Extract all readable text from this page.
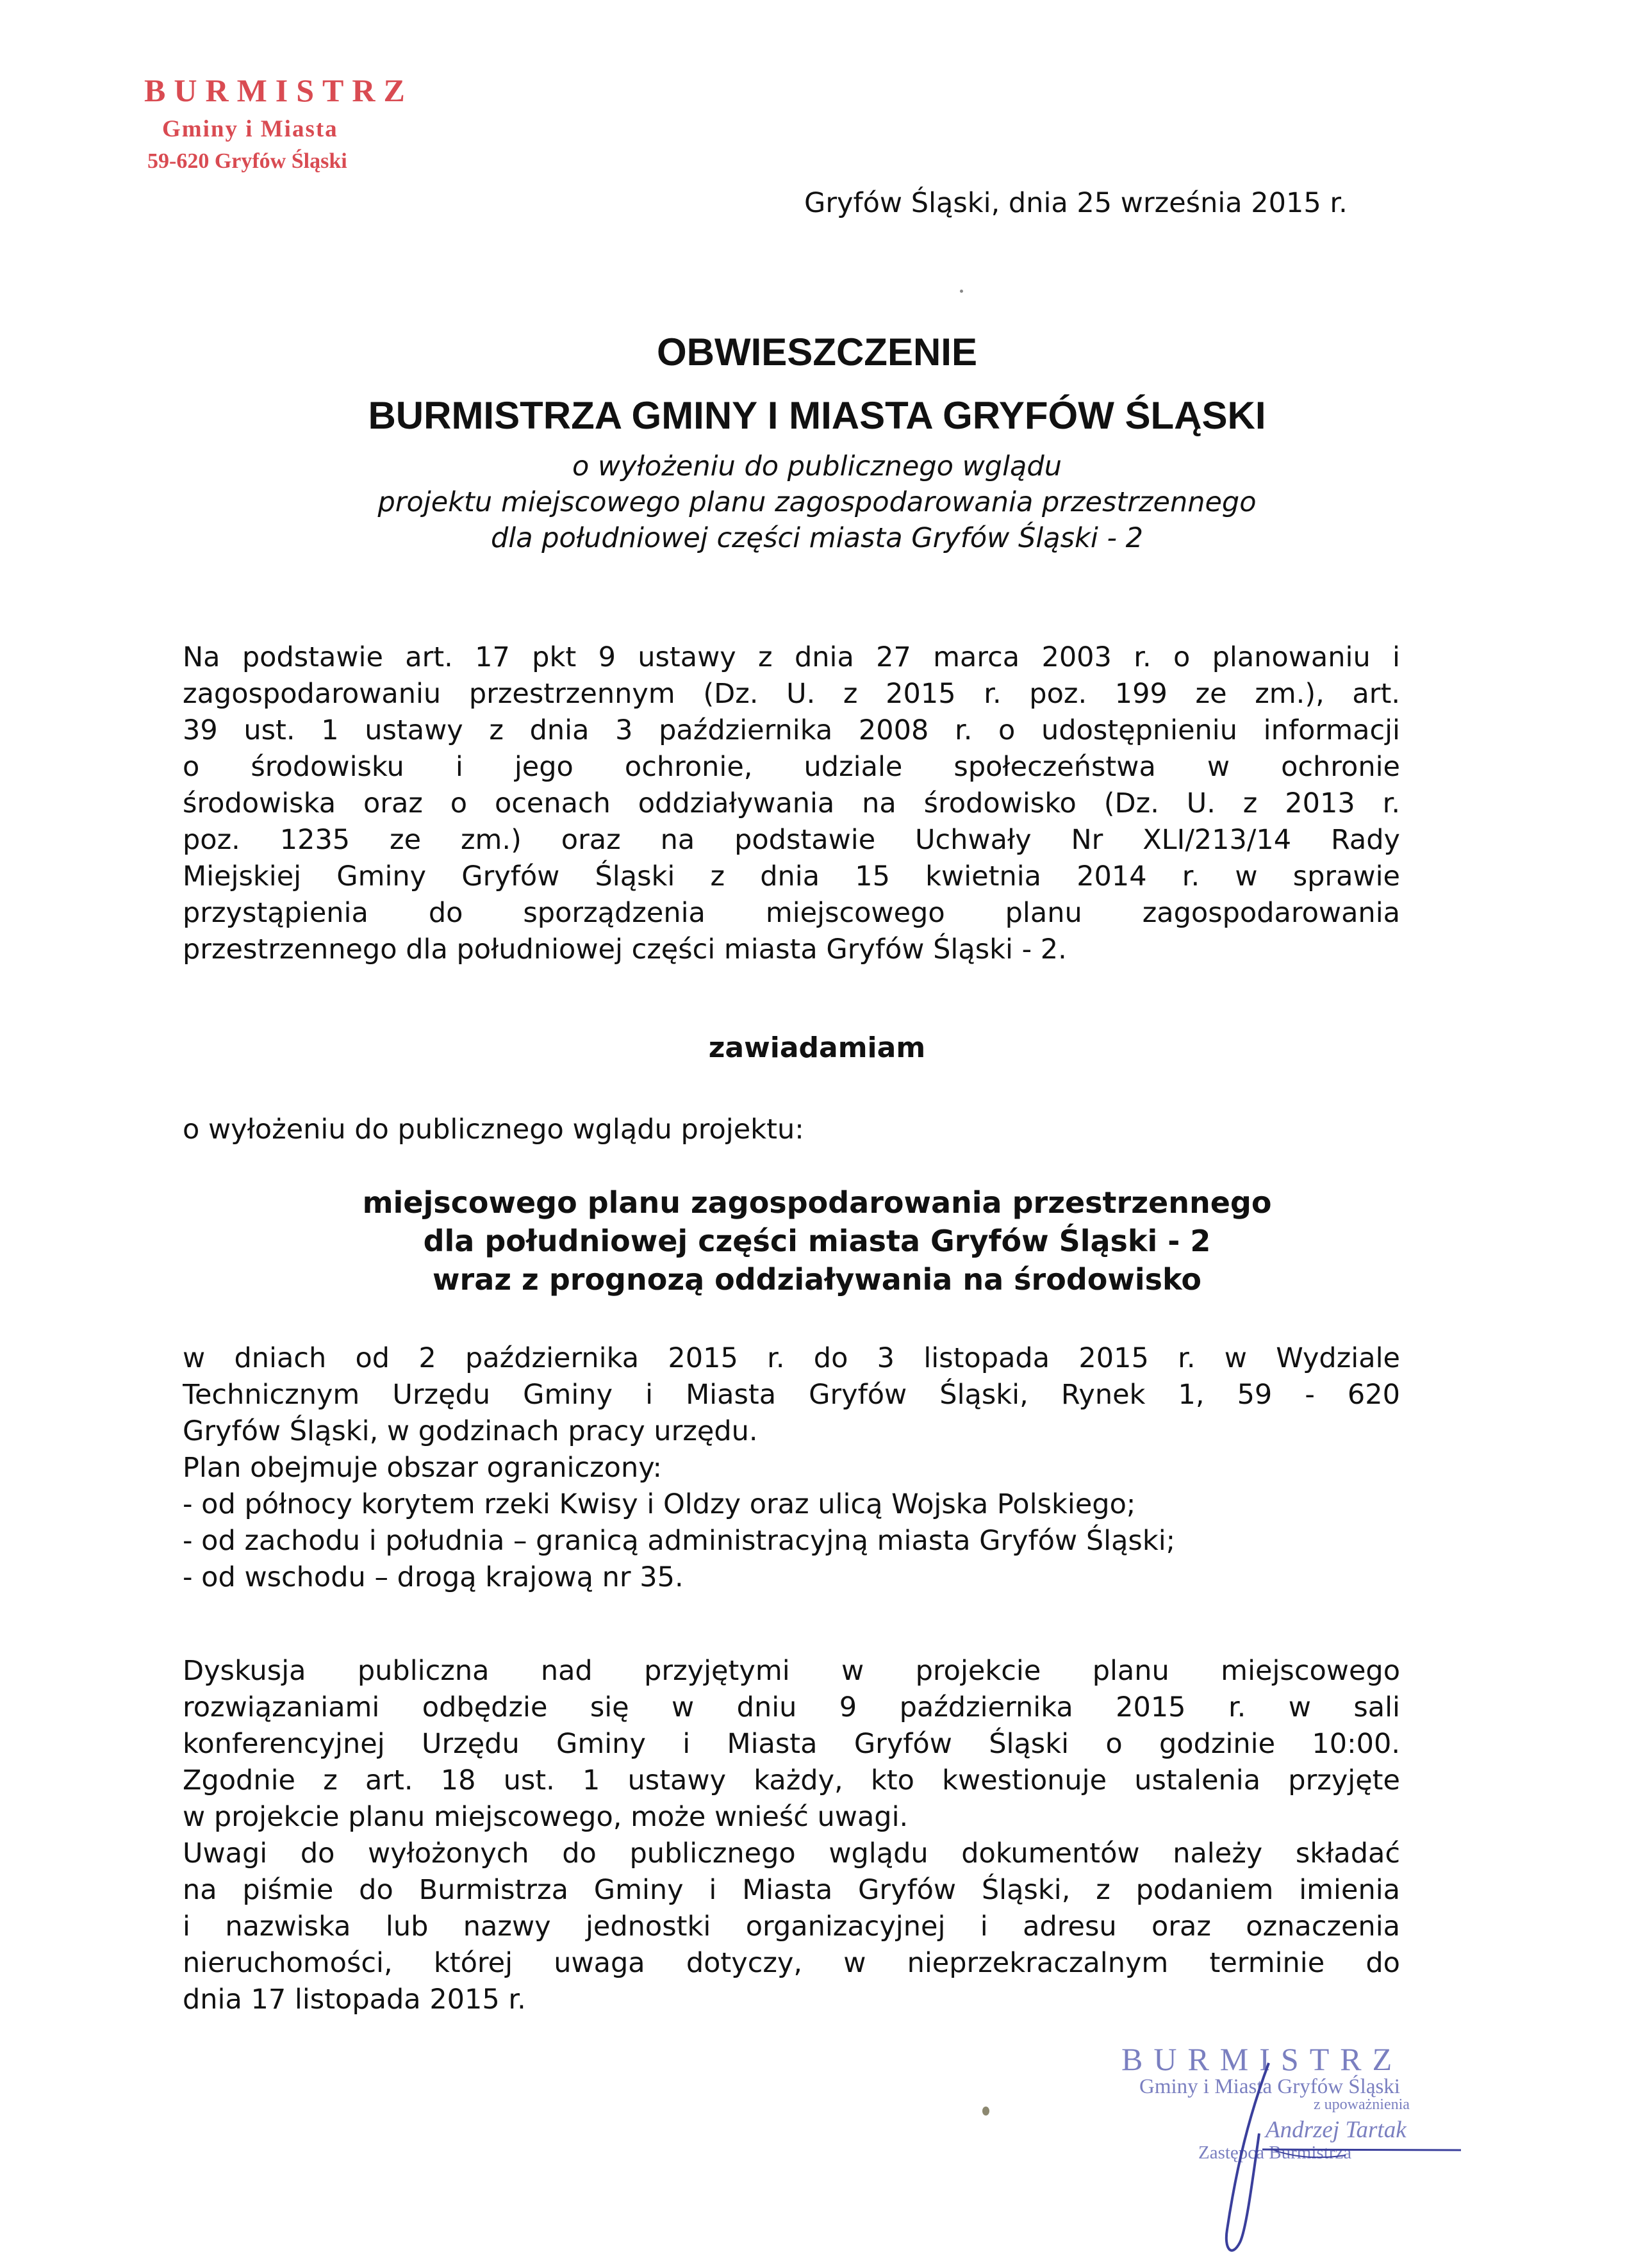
BURMISTRZ
Gminy i Miasta
59-620 Gryfów Śląski
Gryfów Śląski, dnia 25 września 2015 r.
OBWIESZCZENIE
BURMISTRZA GMINY I MIASTA GRYFÓW ŚLĄSKI
o wyłożeniu do publicznego wglądu
projektu miejscowego planu zagospodarowania przestrzennego
dla południowej części miasta Gryfów Śląski - 2
Na podstawie art. 17 pkt 9 ustawy z dnia 27 marca 2003 r. o planowaniu i
zagospodarowaniu przestrzennym (Dz. U. z 2015 r. poz. 199 ze zm.), art.
39 ust. 1 ustawy z dnia 3 października 2008 r. o udostępnieniu informacji
o środowisku i jego ochronie, udziale społeczeństwa w ochronie
środowiska oraz o ocenach oddziaływania na środowisko (Dz. U. z 2013 r.
poz. 1235 ze zm.) oraz na podstawie Uchwały Nr XLI/213/14 Rady
Miejskiej Gminy Gryfów Śląski z dnia 15 kwietnia 2014 r. w sprawie
przystąpienia do sporządzenia miejscowego planu zagospodarowania
przestrzennego dla południowej części miasta Gryfów Śląski - 2.
zawiadamiam
o wyłożeniu do publicznego wglądu projektu:
miejscowego planu zagospodarowania przestrzennego
dla południowej części miasta Gryfów Śląski - 2
wraz z prognozą oddziaływania na środowisko
w dniach od 2 października 2015 r. do 3 listopada 2015 r. w Wydziale
Technicznym Urzędu Gminy i Miasta Gryfów Śląski, Rynek 1, 59 - 620
Gryfów Śląski, w godzinach pracy urzędu.
Plan obejmuje obszar ograniczony:
- od północy korytem rzeki Kwisy i Oldzy oraz ulicą Wojska Polskiego;
- od zachodu i południa – granicą administracyjną miasta Gryfów Śląski;
- od wschodu – drogą krajową nr 35.
Dyskusja publiczna nad przyjętymi w projekcie planu miejscowego
rozwiązaniami odbędzie się w dniu 9 października 2015 r. w sali
konferencyjnej Urzędu Gminy i Miasta Gryfów Śląski o godzinie 10:00.
Zgodnie z art. 18 ust. 1 ustawy każdy, kto kwestionuje ustalenia przyjęte
w projekcie planu miejscowego, może wnieść uwagi.
Uwagi do wyłożonych do publicznego wglądu dokumentów należy składać
na piśmie do Burmistrza Gminy i Miasta Gryfów Śląski, z podaniem imienia
i nazwiska lub nazwy jednostki organizacyjnej i adresu oraz oznaczenia
nieruchomości, której uwaga dotyczy, w nieprzekraczalnym terminie do
dnia 17 listopada 2015 r.
BURMISTRZ
Gminy i Miasta Gryfów Śląski
z upoważnienia
Andrzej Tartak
Zastępca Burmistrza
